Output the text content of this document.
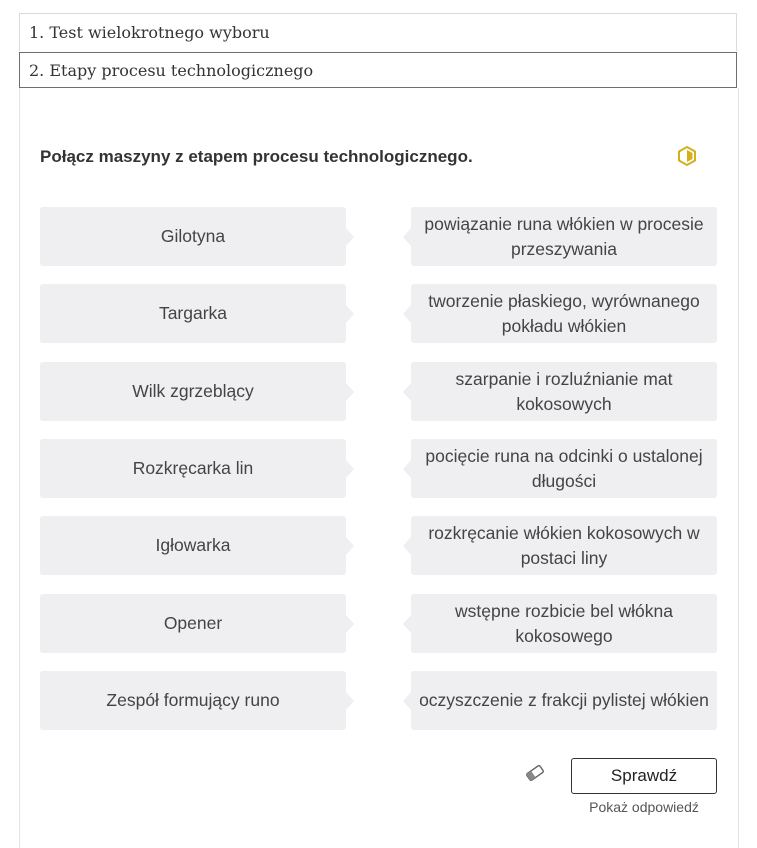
1. Test wielokrotnego wyboru
2. Etapy procesu technologicznego
Połącz maszyny z etapem procesu technologicznego.
Gilotyna
Targarka
Wilk zgrzeblący
Rozkręcarka lin
Igłowarka
Opener
Zespół formujący runo
powiązanie runa włókien w procesie przeszywania
tworzenie płaskiego, wyrównanego pokładu włókien
szarpanie i rozluźnianie mat kokosowych
pocięcie runa na odcinki o ustalonej długości
rozkręcanie włókien kokosowych w postaci liny
wstępne rozbicie bel włókna kokosowego
oczyszczenie z frakcji pylistej włókien
Sprawdź
Pokaż odpowiedź
